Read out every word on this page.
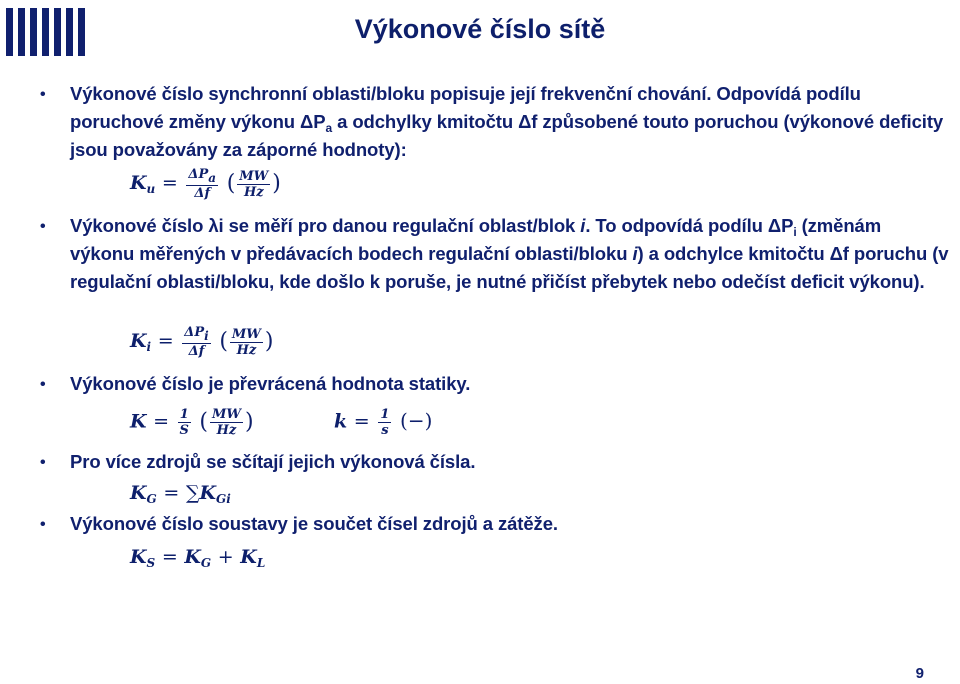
Výkonové číslo sítě
•	Výkonové číslo synchronní oblasti/bloku popisuje její frekvenční chování. Odpovídá podílu poruchové změny výkonu $\Delta P_a$ a odchylky kmitočtu Δf způsobené touto poruchou (výkonové deficity jsou považovány za záporné hodnoty):

$K_u = \frac{\text{ΔPa}}{\Delta f}$ ( $\frac{MW}{Hz}$ )
•	Výkonové číslo λi se měří pro danou regulační oblast/blok i. To odpovídá podílu $\Delta P_i$ (změnám výkonu měřených v předávacích bodech regulační oblasti/bloku i) a odchylce kmitočtu Δf poruchu (v regulační oblasti/bloku, kde došlo k poruše, je nutné přičíst přebytek nebo odečíst deficit výkonu).

$K_i = \frac{\text{ΔPi}}{\Delta f}$ ( $\frac{MW}{Hz}$ )
•	Výkonové číslo je převrácená hodnota statiky.

$K = \frac{1}{S}$ ( $\frac{MW}{Hz}$ )	$k = \frac{1}{s}$ (−)
•	Pro více zdrojů se sčítají jejich výkonová čísla.

$K_G = \sum K_{Gi}$
•	Výkonové číslo soustavy je součet čísel zdrojů a zátěže.

$K_S = K_G + K_L$
9
